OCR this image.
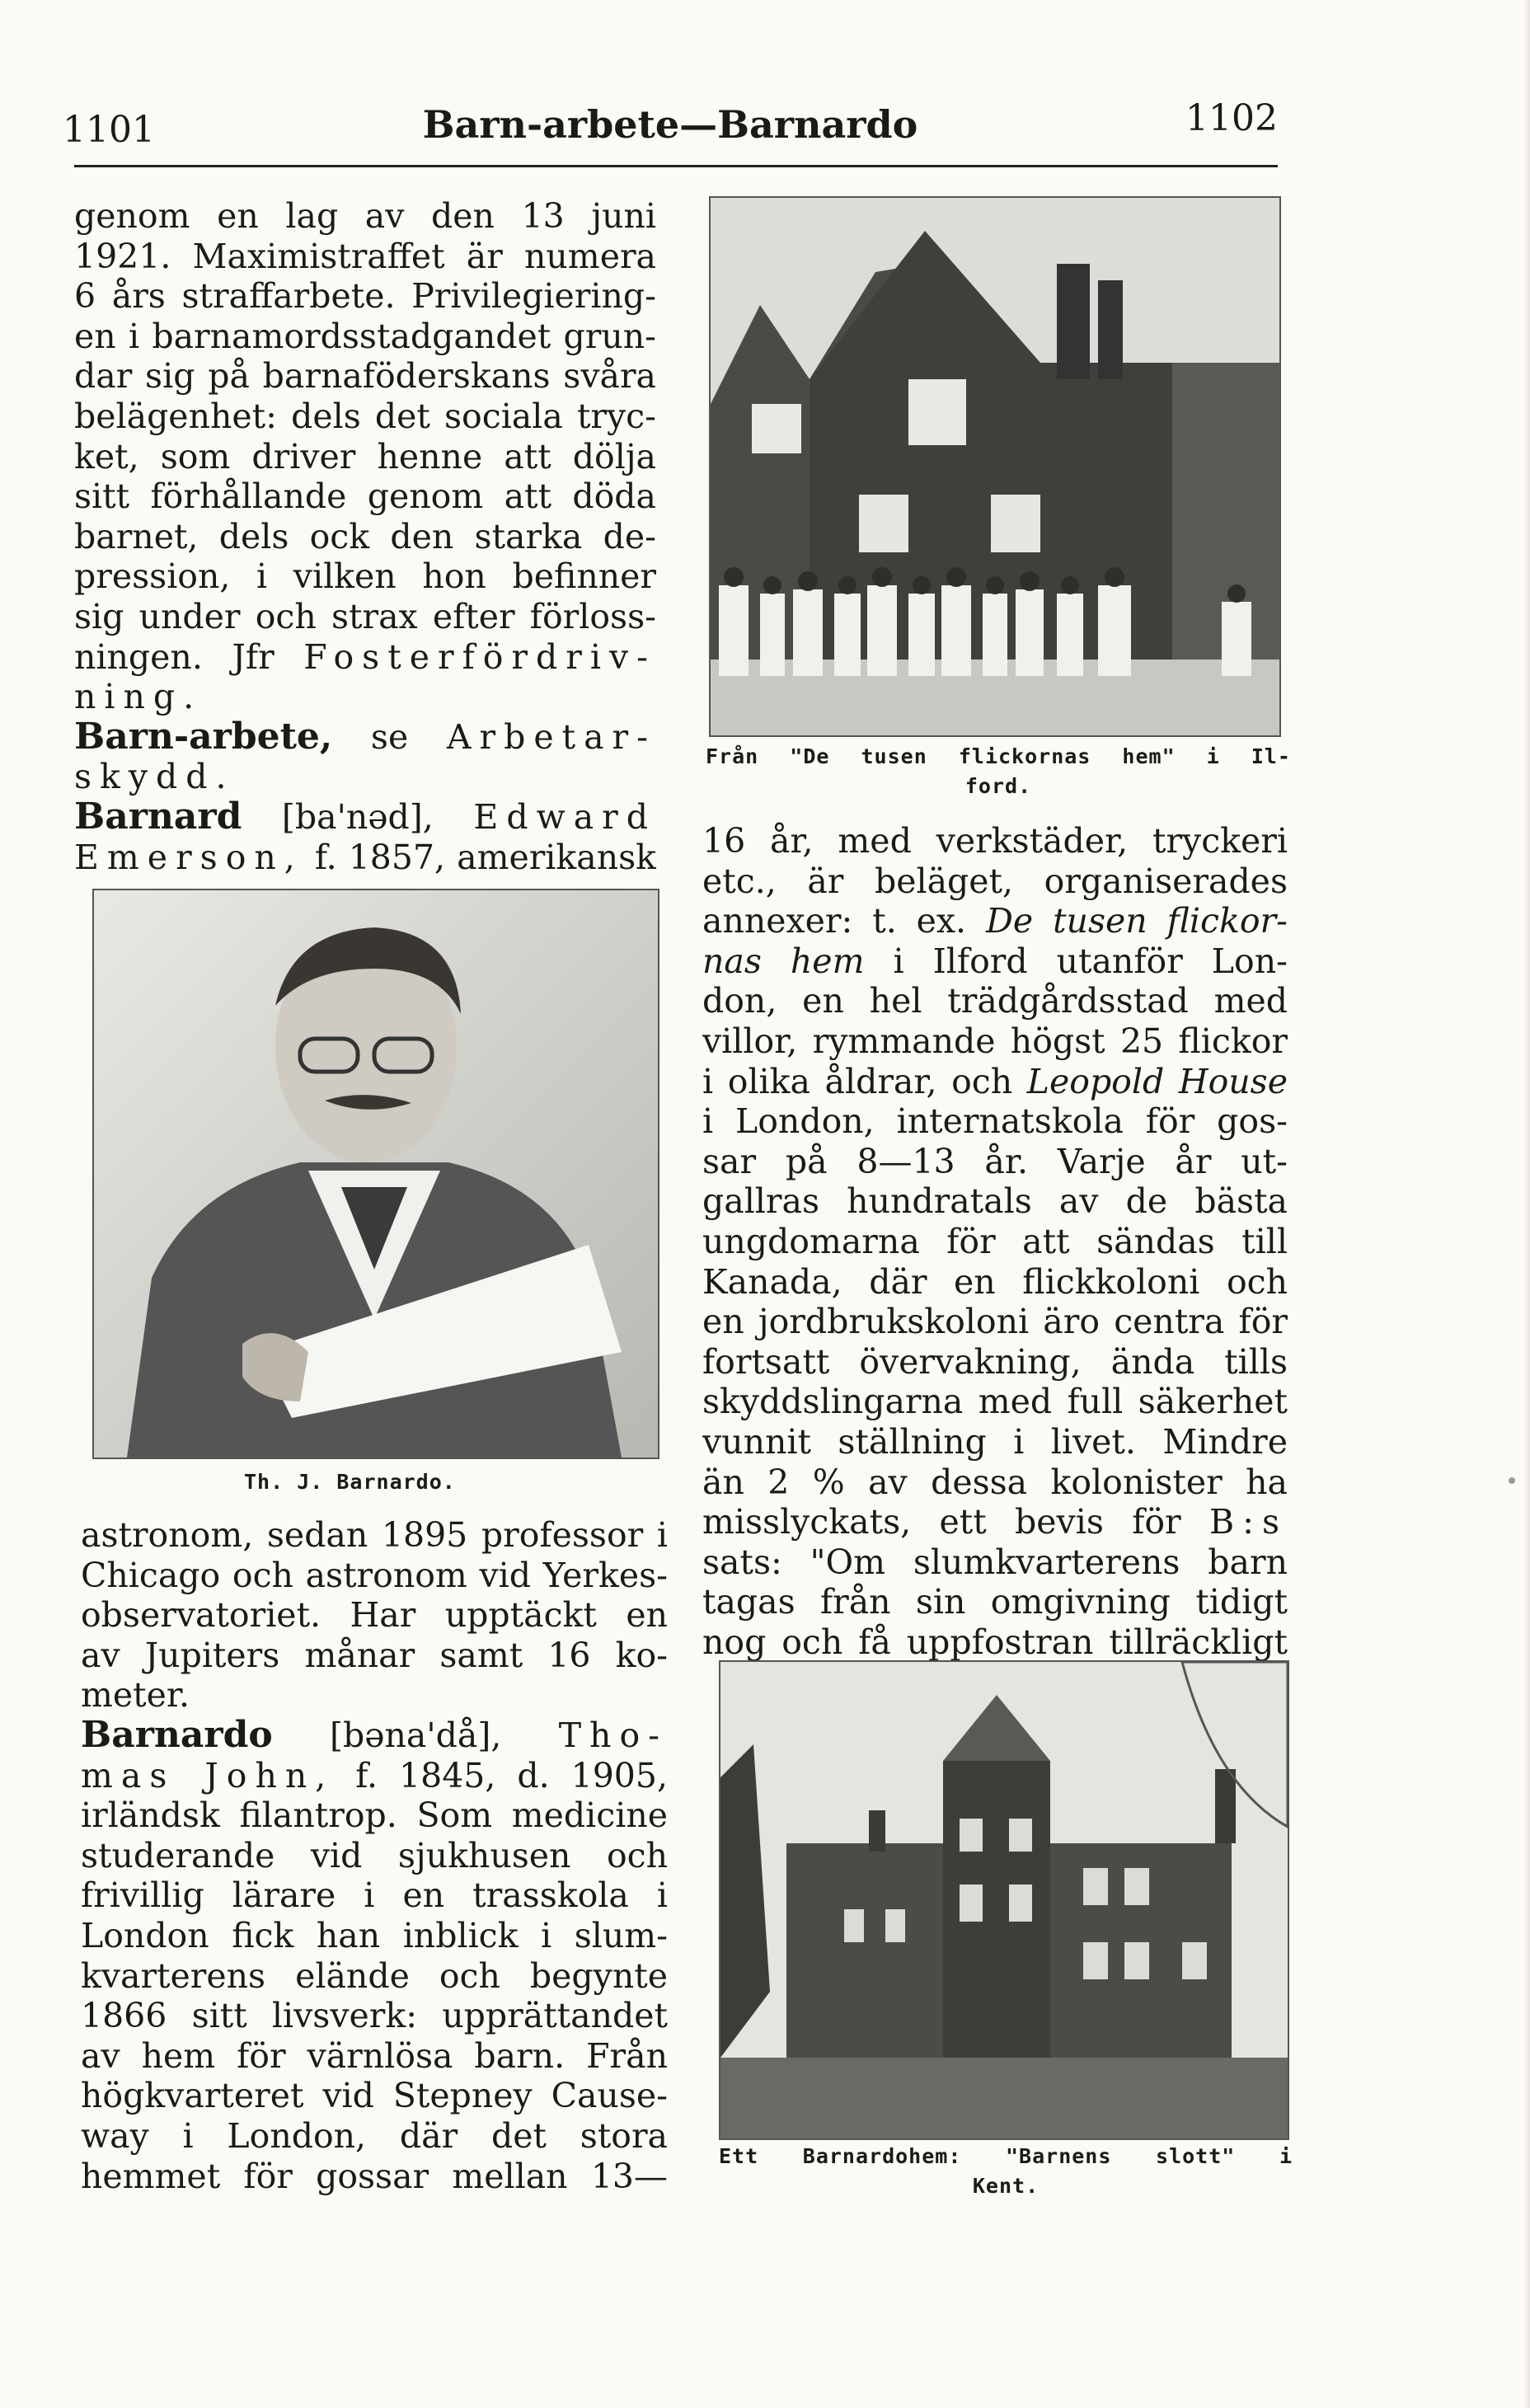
1101	Barn-arbete—Barnardo	1102
genom en lag av den 13 juni
1921. Maximistraffet är numera
6 års straffarbete. Privilegiering-
en i barnamordsstadgandet grun-
dar sig på barnaföderskans svåra
belägenhet: dels det sociala tryc-
ket, som driver henne att dölja
sitt förhållande genom att döda
barnet, dels ock den starka de-
pression, i vilken hon befinner
sig under och strax efter förloss-
ningen. Jfr Fosterfördriv-
ning.
Barn-arbete, se Arbetar-
skydd.
Barnard [ba'nəd], Edward
Emerson, f. 1857, amerikansk
Th. J. Barnardo.
astronom, sedan 1895 professor i
Chicago och astronom vid Yerkes-
observatoriet. Har upptäckt en
av Jupiters månar samt 16 ko-
meter.
Barnardo [bəna'då], Tho-
mas John, f. 1845, d. 1905,
irländsk filantrop. Som medicine
studerande vid sjukhusen och
frivillig lärare i en trasskola i
London fick han inblick i slum-
kvarterens elände och begynte
1866 sitt livsverk: upprättandet
av hem för värnlösa barn. Från
högkvarteret vid Stepney Cause-
way i London, där det stora
hemmet för gossar mellan 13—
Från "De tusen flickornas hem" i Il-
ford.
16 år, med verkstäder, tryckeri
etc., är beläget, organiserades
annexer: t. ex. De tusen flickor-
nas hem i Ilford utanför Lon-
don, en hel trädgårdsstad med
villor, rymmande högst 25 flickor
i olika åldrar, och Leopold House
i London, internatskola för gos-
sar på 8—13 år. Varje år ut-
gallras hundratals av de bästa
ungdomarna för att sändas till
Kanada, där en flickkoloni och
en jordbrukskoloni äro centra för
fortsatt övervakning, ända tills
skyddslingarna med full säkerhet
vunnit ställning i livet. Mindre
än 2 % av dessa kolonister ha
misslyckats, ett bevis för B:s
sats: "Om slumkvarterens barn
tagas från sin omgivning tidigt
nog och få uppfostran tillräckligt
Ett Barnardohem: "Barnens slott" i
Kent.
